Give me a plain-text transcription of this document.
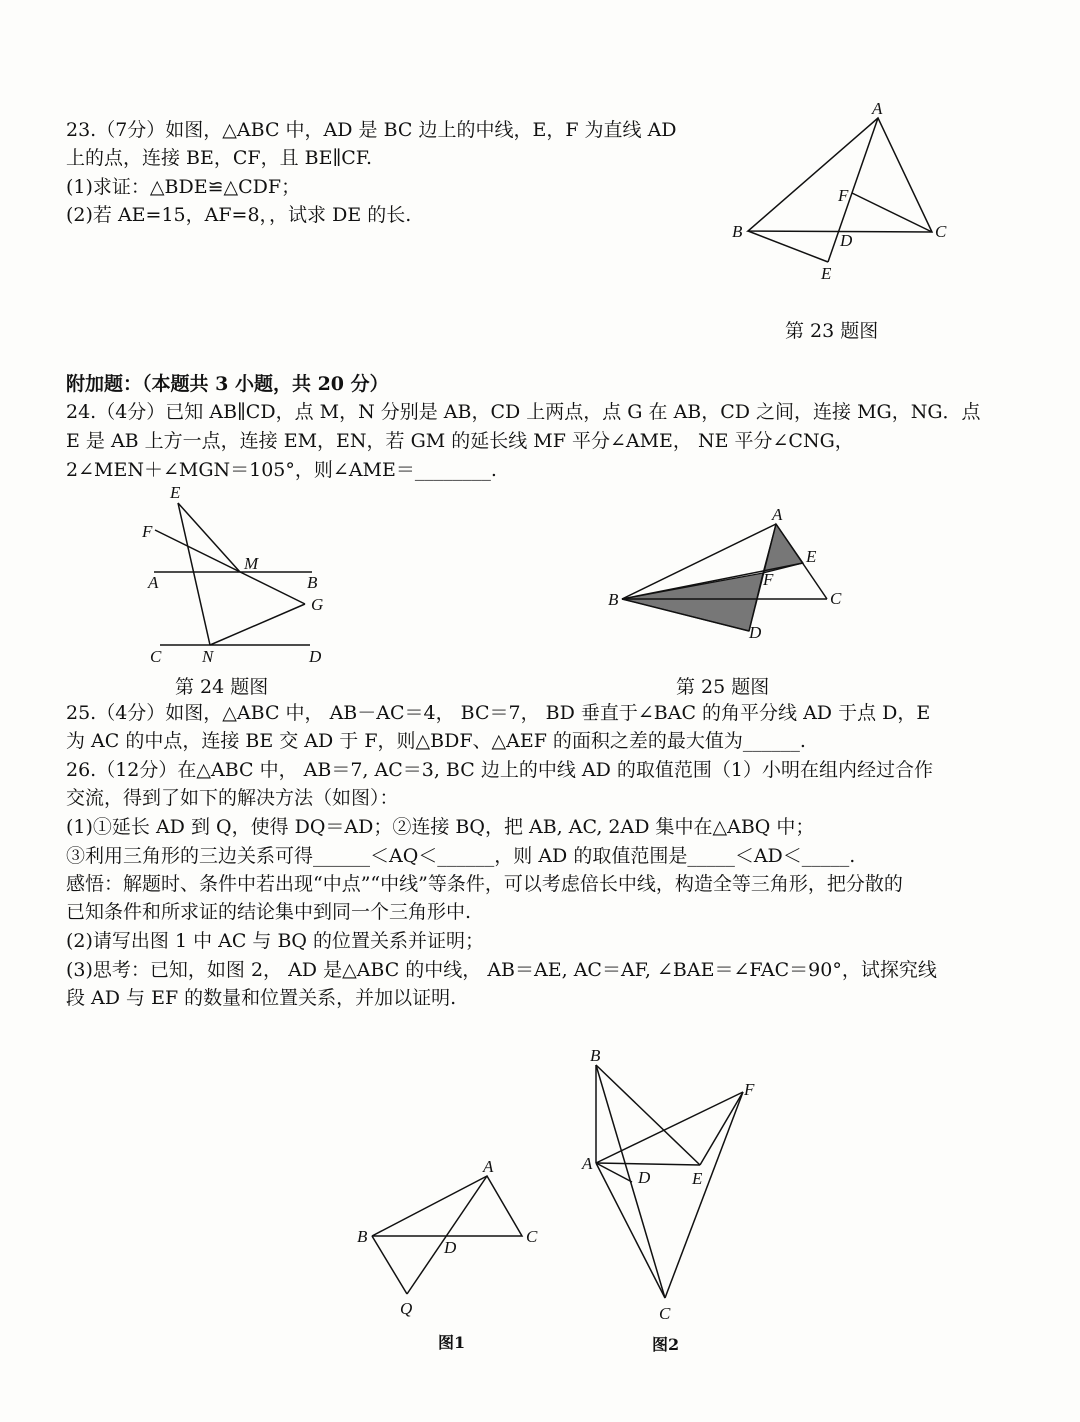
23.（7分）如图，△ABC 中，AD 是 BC 边上的中线，E，F 为直线 AD
上的点，连接 BE，CF，且 BE∥CF.
(1)求证：△BDE≌△CDF；
(2)若 AE=15，AF=8，，试求 DE 的长.
A
B	C
D
E
F
第 23 题图
附加题：（本题共 3 小题，共 20 分）
24.（4分）已知 AB∥CD，点 M，N 分别是 AB，CD 上两点，点 G 在 AB，CD 之间，连接 MG，NG．点
E 是 AB 上方一点，连接 EM，EN，若 GM 的延长线 MF 平分∠AME， NE 平分∠CNG，
2∠MEN＋∠MGN＝105°，则∠AME＝________.
E
F
M
A	B
G
C N	D
第 24 题图
A
E
F
B	C
D
第 25 题图
25.（4分）如图，△ABC 中， AB－AC＝4， BC＝7， BD 垂直于∠BAC 的角平分线 AD 于点 D，E
为 AC 的中点，连接 BE 交 AD 于 F，则△BDF、△AEF 的面积之差的最大值为______.
26.（12分）在△ABC 中， AB＝7, AC＝3, BC 边上的中线 AD 的取值范围（1）小明在组内经过合作
交流，得到了如下的解决方法（如图）：
(1)①延长 AD 到 Q，使得 DQ＝AD；②连接 BQ，把 AB, AC, 2AD 集中在△ABQ 中；
③利用三角形的三边关系可得______＜AQ＜______，则 AD 的取值范围是_____＜AD＜_____.
感悟：解题时、条件中若出现“中点”“中线”等条件，可以考虑倍长中线，构造全等三角形，把分散的
已知条件和所求证的结论集中到同一个三角形中.
(2)请写出图 1 中 AC 与 BQ 的位置关系并证明；
(3)思考：已知，如图 2， AD 是△ABC 的中线， AB＝AE, AC＝AF, ∠BAE＝∠FAC＝90°，试探究线
段 AD 与 EF 的数量和位置关系，并加以证明.
A
B	C
D
Q
图1
B
F
A
D E
C
图2
